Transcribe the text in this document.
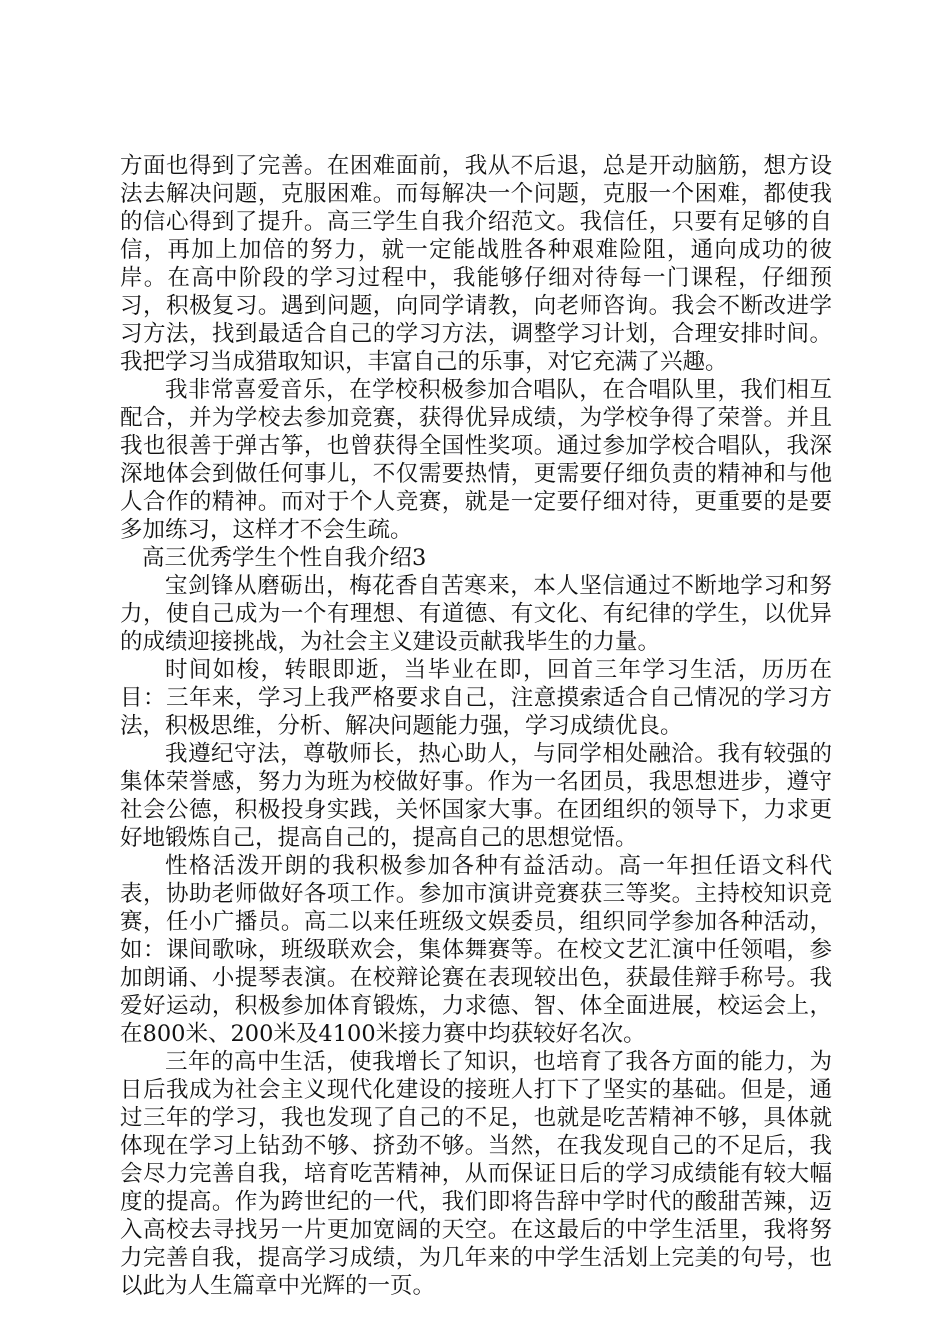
方面也得到了完善。在困难面前，我从不后退，总是开动脑筋，想方设法去解决问题，克服困难。而每解决一个问题，克服一个困难，都使我的信心得到了提升。高三学生自我介绍范文。我信任，只要有足够的自信，再加上加倍的努力，就一定能战胜各种艰难险阻，通向成功的彼岸。在高中阶段的学习过程中，我能够仔细对待每一门课程，仔细预习，积极复习。遇到问题，向同学请教，向老师咨询。我会不断改进学习方法，找到最适合自己的学习方法，调整学习计划，合理安排时间。我把学习当成猎取知识，丰富自己的乐事，对它充满了兴趣。

我非常喜爱音乐，在学校积极参加合唱队，在合唱队里，我们相互配合，并为学校去参加竞赛，获得优异成绩，为学校争得了荣誉。并且我也很善于弹古筝，也曾获得全国性奖项。通过参加学校合唱队，我深深地体会到做任何事儿，不仅需要热情，更需要仔细负责的精神和与他人合作的精神。而对于个人竞赛，就是一定要仔细对待，更重要的是要多加练习，这样才不会生疏。

高三优秀学生个性自我介绍3

宝剑锋从磨砺出，梅花香自苦寒来，本人坚信通过不断地学习和努力，使自己成为一个有理想、有道德、有文化、有纪律的学生，以优异的成绩迎接挑战，为社会主义建设贡献我毕生的力量。

时间如梭，转眼即逝，当毕业在即，回首三年学习生活，历历在目：三年来，学习上我严格要求自己，注意摸索适合自己情况的学习方法，积极思维，分析、解决问题能力强，学习成绩优良。

我遵纪守法，尊敬师长，热心助人，与同学相处融洽。我有较强的集体荣誉感，努力为班为校做好事。作为一名团员，我思想进步，遵守社会公德，积极投身实践，关怀国家大事。在团组织的领导下，力求更好地锻炼自己，提高自己的，提高自己的思想觉悟。

性格活泼开朗的我积极参加各种有益活动。高一年担任语文科代表，协助老师做好各项工作。参加市演讲竞赛获三等奖。主持校知识竞赛，任小广播员。高二以来任班级文娱委员，组织同学参加各种活动，如：课间歌咏，班级联欢会，集体舞赛等。在校文艺汇演中任领唱，参加朗诵、小提琴表演。在校辩论赛在表现较出色，获最佳辩手称号。我爱好运动，积极参加体育锻炼，力求德、智、体全面进展，校运会上，在800米、200米及4100米接力赛中均获较好名次。

三年的高中生活，使我增长了知识，也培育了我各方面的能力，为日后我成为社会主义现代化建设的接班人打下了坚实的基础。但是，通过三年的学习，我也发现了自己的不足，也就是吃苦精神不够，具体就体现在学习上钻劲不够、挤劲不够。当然，在我发现自己的不足后，我会尽力完善自我，培育吃苦精神，从而保证日后的学习成绩能有较大幅度的提高。作为跨世纪的一代，我们即将告辞中学时代的酸甜苦辣，迈入高校去寻找另一片更加宽阔的天空。在这最后的中学生活里，我将努力完善自我，提高学习成绩，为几年来的中学生活划上完美的句号，也以此为人生篇章中光辉的一页。
